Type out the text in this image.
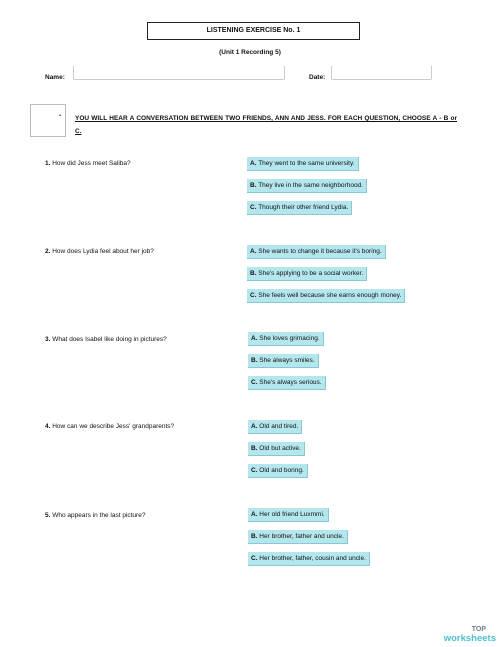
LISTENING EXERCISE No. 1
(Unit 1 Recording 5)
Name:	Date:
▪ YOU WILL HEAR A CONVERSATION BETWEEN TWO FRIENDS, ANN AND JESS. FOR EACH QUESTION, CHOOSE A - B or C.
1. How did Jess meet Saliba?	A. They went to the same university.
B. They live in the same neighborhood.
C. Though their other friend Lydia.
2. How does Lydia feel about her job?	A. She wants to change it because it's boring.
B. She's applying to be a social worker.
C. She feels well because she earns enough money.
3. What does Isabel like doing in pictures?	A. She loves grimacing.
B. She always smiles.
C. She's always serious.
4. How can we describe Jess' grandparents?	A. Old and tired.
B. Old but active.
C. Old and boring.
5. Who appears in the last picture?	A. Her old friend Luxmmi.
B. Her brother, father and uncle.
C. Her brother, father, cousin and uncle.
TOP
worksheets
